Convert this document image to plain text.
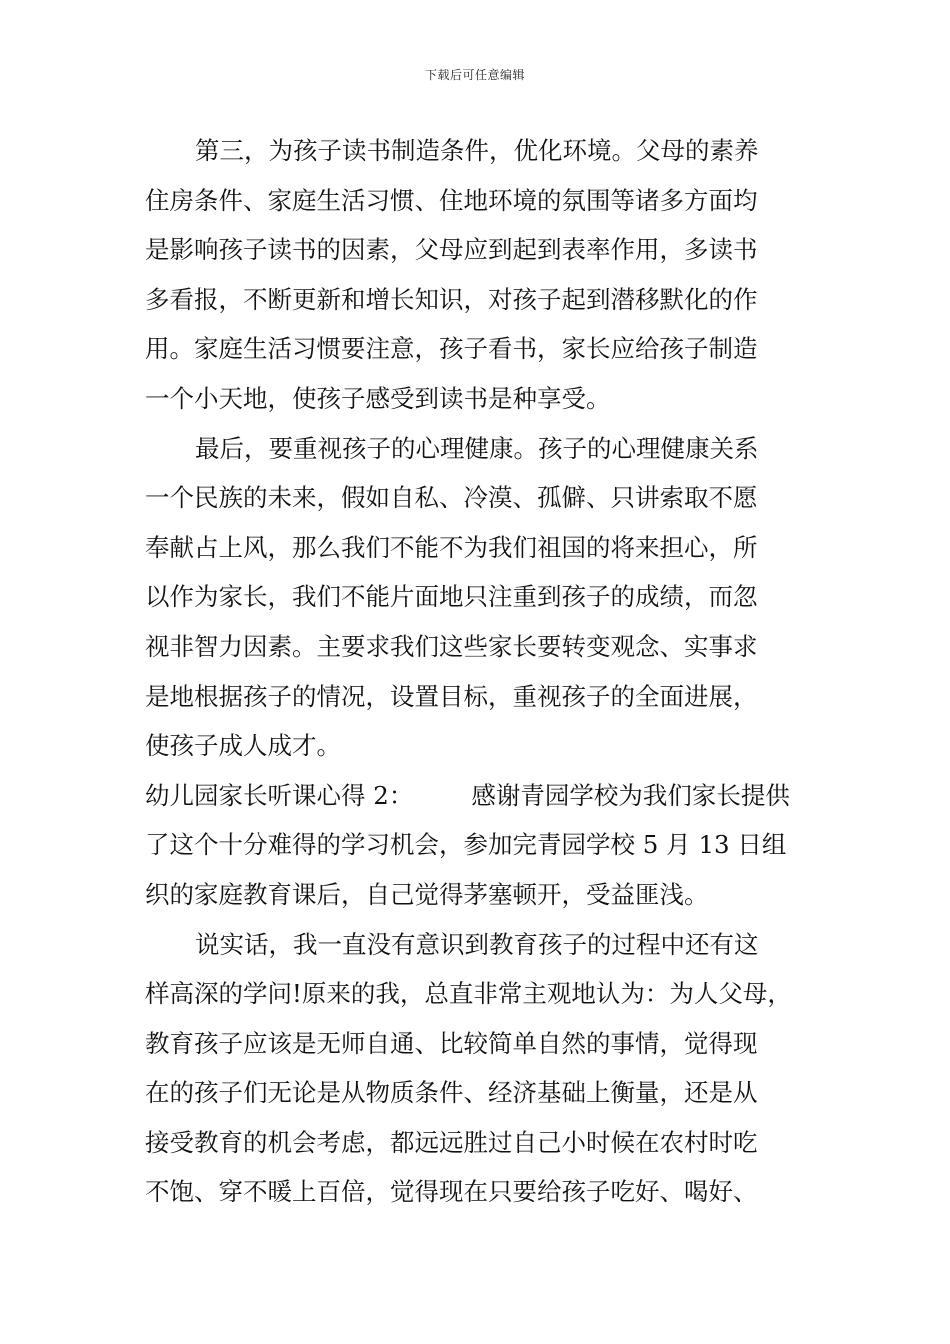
下载后可任意编辑
第三，为孩子读书制造条件，优化环境。父母的素养
住房条件、家庭生活习惯、住地环境的氛围等诸多方面均
是影响孩子读书的因素，父母应到起到表率作用，多读书
多看报，不断更新和增长知识，对孩子起到潜移默化的作
用。家庭生活习惯要注意，孩子看书，家长应给孩子制造
一个小天地，使孩子感受到读书是种享受。
最后，要重视孩子的心理健康。孩子的心理健康关系
一个民族的未来，假如自私、冷漠、孤僻、只讲索取不愿
奉献占上风，那么我们不能不为我们祖国的将来担心，所
以作为家长，我们不能片面地只注重到孩子的成绩，而忽
视非智力因素。主要求我们这些家长要转变观念、实事求
是地根据孩子的情况，设置目标，重视孩子的全面进展，
使孩子成人成才。
幼儿园家长听课心得 2： 感谢青园学校为我们家长提供
了这个十分难得的学习机会，参加完青园学校 5 月 13 日组
织的家庭教育课后，自己觉得茅塞顿开，受益匪浅。
说实话，我一直没有意识到教育孩子的过程中还有这
样高深的学问!原来的我，总直非常主观地认为：为人父母，
教育孩子应该是无师自通、比较简单自然的事情，觉得现
在的孩子们无论是从物质条件、经济基础上衡量，还是从
接受教育的机会考虑，都远远胜过自己小时候在农村时吃
不饱、穿不暖上百倍，觉得现在只要给孩子吃好、喝好、
